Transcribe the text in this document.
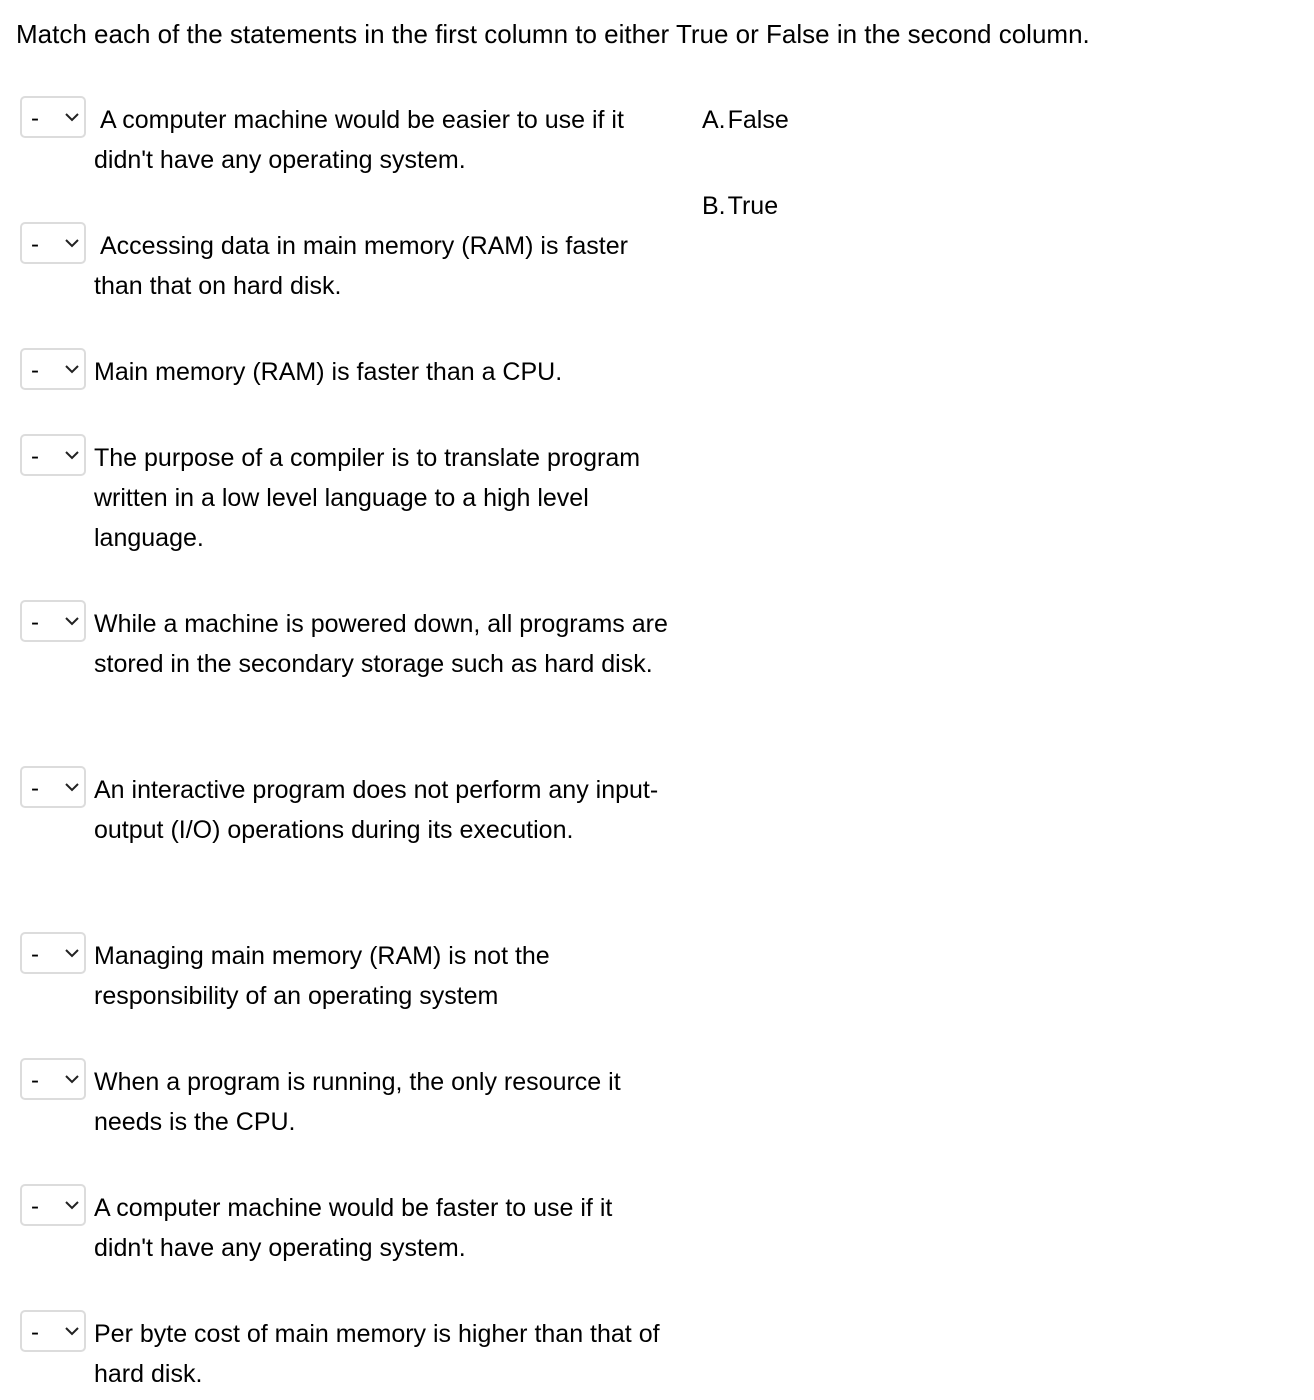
Match each of the statements in the first column to either True or False in the second column.
- A computer machine would be easier to use if it didn't have any operating system.
- Accessing data in main memory (RAM) is faster than that on hard disk.
- Main memory (RAM) is faster than a CPU.
- The purpose of a compiler is to translate program written in a low level language to a high level language.
- While a machine is powered down, all programs are stored in the secondary storage such as hard disk.
- An interactive program does not perform any input-output (I/O) operations during its execution.
- Managing main memory (RAM) is not the responsibility of an operating system
- When a program is running, the only resource it needs is the CPU.
- A computer machine would be faster to use if it didn't have any operating system.
- Per byte cost of main memory is higher than that of hard disk.
A.False
B.True
